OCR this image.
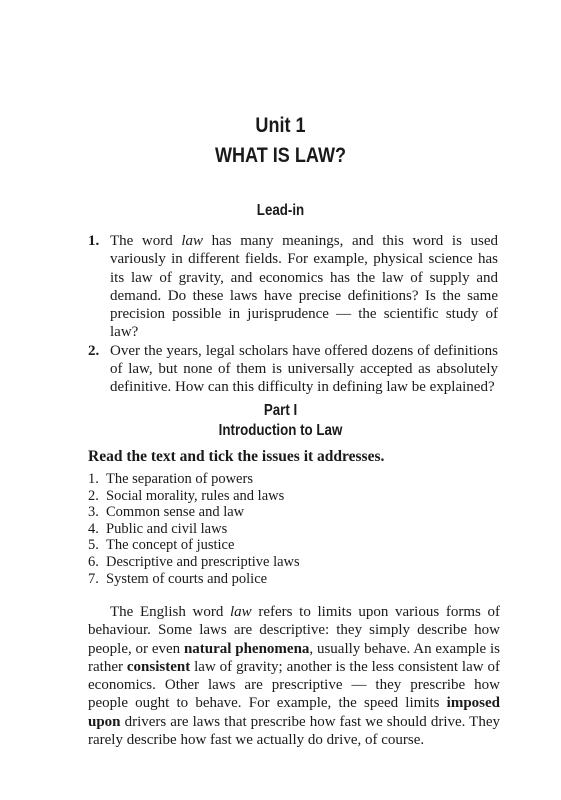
Unit 1
WHAT IS LAW?
Lead-in

1. The word law has many meanings, and this word is used variously in different fields. For example, physical science has its law of gravity, and economics has the law of supply and demand. Do these laws have precise definitions? Is the same precision possible in jurisprudence — the scientific study of law?

2. Over the years, legal scholars have offered dozens of definitions of law, but none of them is universally accepted as absolutely definitive. How can this difficulty in defining law be explained?

Part I
Introduction to Law

Read the text and tick the issues it addresses.

1. The separation of powers
2. Social morality, rules and laws
3. Common sense and law
4. Public and civil laws
5. The concept of justice
6. Descriptive and prescriptive laws
7. System of courts and police

The English word law refers to limits upon various forms of behaviour. Some laws are descriptive: they simply describe how people, or even natural phenomena, usually behave. An example is rather consistent law of gravity; another is the less consistent law of economics. Other laws are prescriptive — they prescribe how people ought to behave. For example, the speed limits imposed upon drivers are laws that prescribe how fast we should drive. They rarely describe how fast we actually do drive, of course.
